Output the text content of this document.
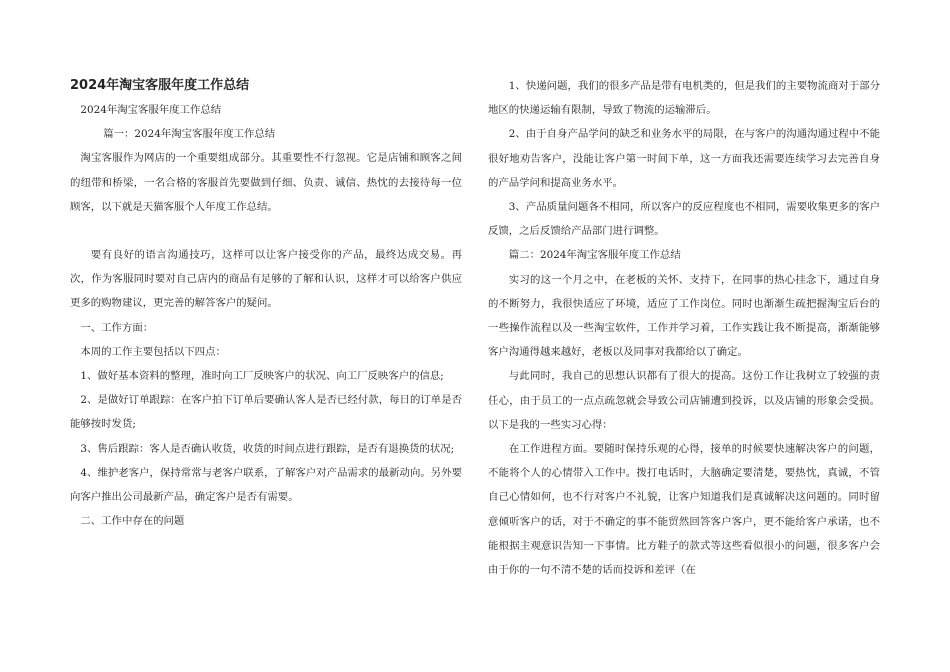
2024年淘宝客服年度工作总结

2024年淘宝客服年度工作总结

篇一：2024年淘宝客服年度工作总结

淘宝客服作为网店的一个重要组成部分。其重要性不行忽视。它是店铺和顾客之间的纽带和桥梁，一名合格的客服首先要做到仔细、负责、诚信、热忱的去接待每一位顾客，以下就是天猫客服个人年度工作总结。

要有良好的语言沟通技巧，这样可以让客户接受你的产品，最终达成交易。再次，作为客服同时要对自己店内的商品有足够的了解和认识，这样才可以给客户供应更多的购物建议，更完善的解答客户的疑问。

一、工作方面：

本周的工作主要包括以下四点：

1、做好基本资料的整理，准时向工厂反映客户的状况、向工厂反映客户的信息;

2、是做好订单跟踪：在客户拍下订单后要确认客人是否已经付款，每日的订单是否能够按时发货;

3、售后跟踪：客人是否确认收货，收货的时间点进行跟踪，是否有退换货的状况;

4、维护老客户，保持常常与老客户联系，了解客户对产品需求的最新动向。另外要向客户推出公司最新产品，确定客户是否有需要。

二、工作中存在的问题

1、快递问题，我们的很多产品是带有电机类的，但是我们的主要物流商对于部分地区的快递运输有限制，导致了物流的运输滞后。

2、由于自身产品学问的缺乏和业务水平的局限，在与客户的沟通沟通过程中不能很好地劝告客户，没能让客户第一时间下单，这一方面我还需要连续学习去完善自身的产品学问和提高业务水平。

3、产品质量问题各不相同，所以客户的反应程度也不相同，需要收集更多的客户反馈，之后反馈给产品部门进行调整。

篇二：2024年淘宝客服年度工作总结

实习的这一个月之中，在老板的关怀、支持下，在同事的热心挂念下，通过自身的不断努力，我很快适应了环境，适应了工作岗位。同时也渐渐生疏把握淘宝后台的一些操作流程以及一些淘宝软件，工作并学习着，工作实践让我不断提高，渐渐能够客户沟通得越来越好，老板以及同事对我都给以了确定。

与此同时，我自己的思想认识都有了很大的提高。这份工作让我树立了较强的责任心，由于员工的一点点疏忽就会导致公司店铺遭到投诉，以及店铺的形象会受损。以下是我的一些实习心得：

在工作进程方面。要随时保持乐观的心得，接单的时候要快速解决客户的问题，不能将个人的心情带入工作中。拨打电话时，大脑确定要清楚，要热忱，真诚，不管自己心情如何，也不行对客户不礼貌，让客户知道我们是真诚解决这问题的。同时留意倾听客户的话，对于不确定的事不能贸然回答客户客户，更不能给客户承诺，也不能根据主观意识告知一下事情。比方鞋子的款式等这些看似很小的问题，很多客户会由于你的一句不清不楚的话而投诉和差评（在
